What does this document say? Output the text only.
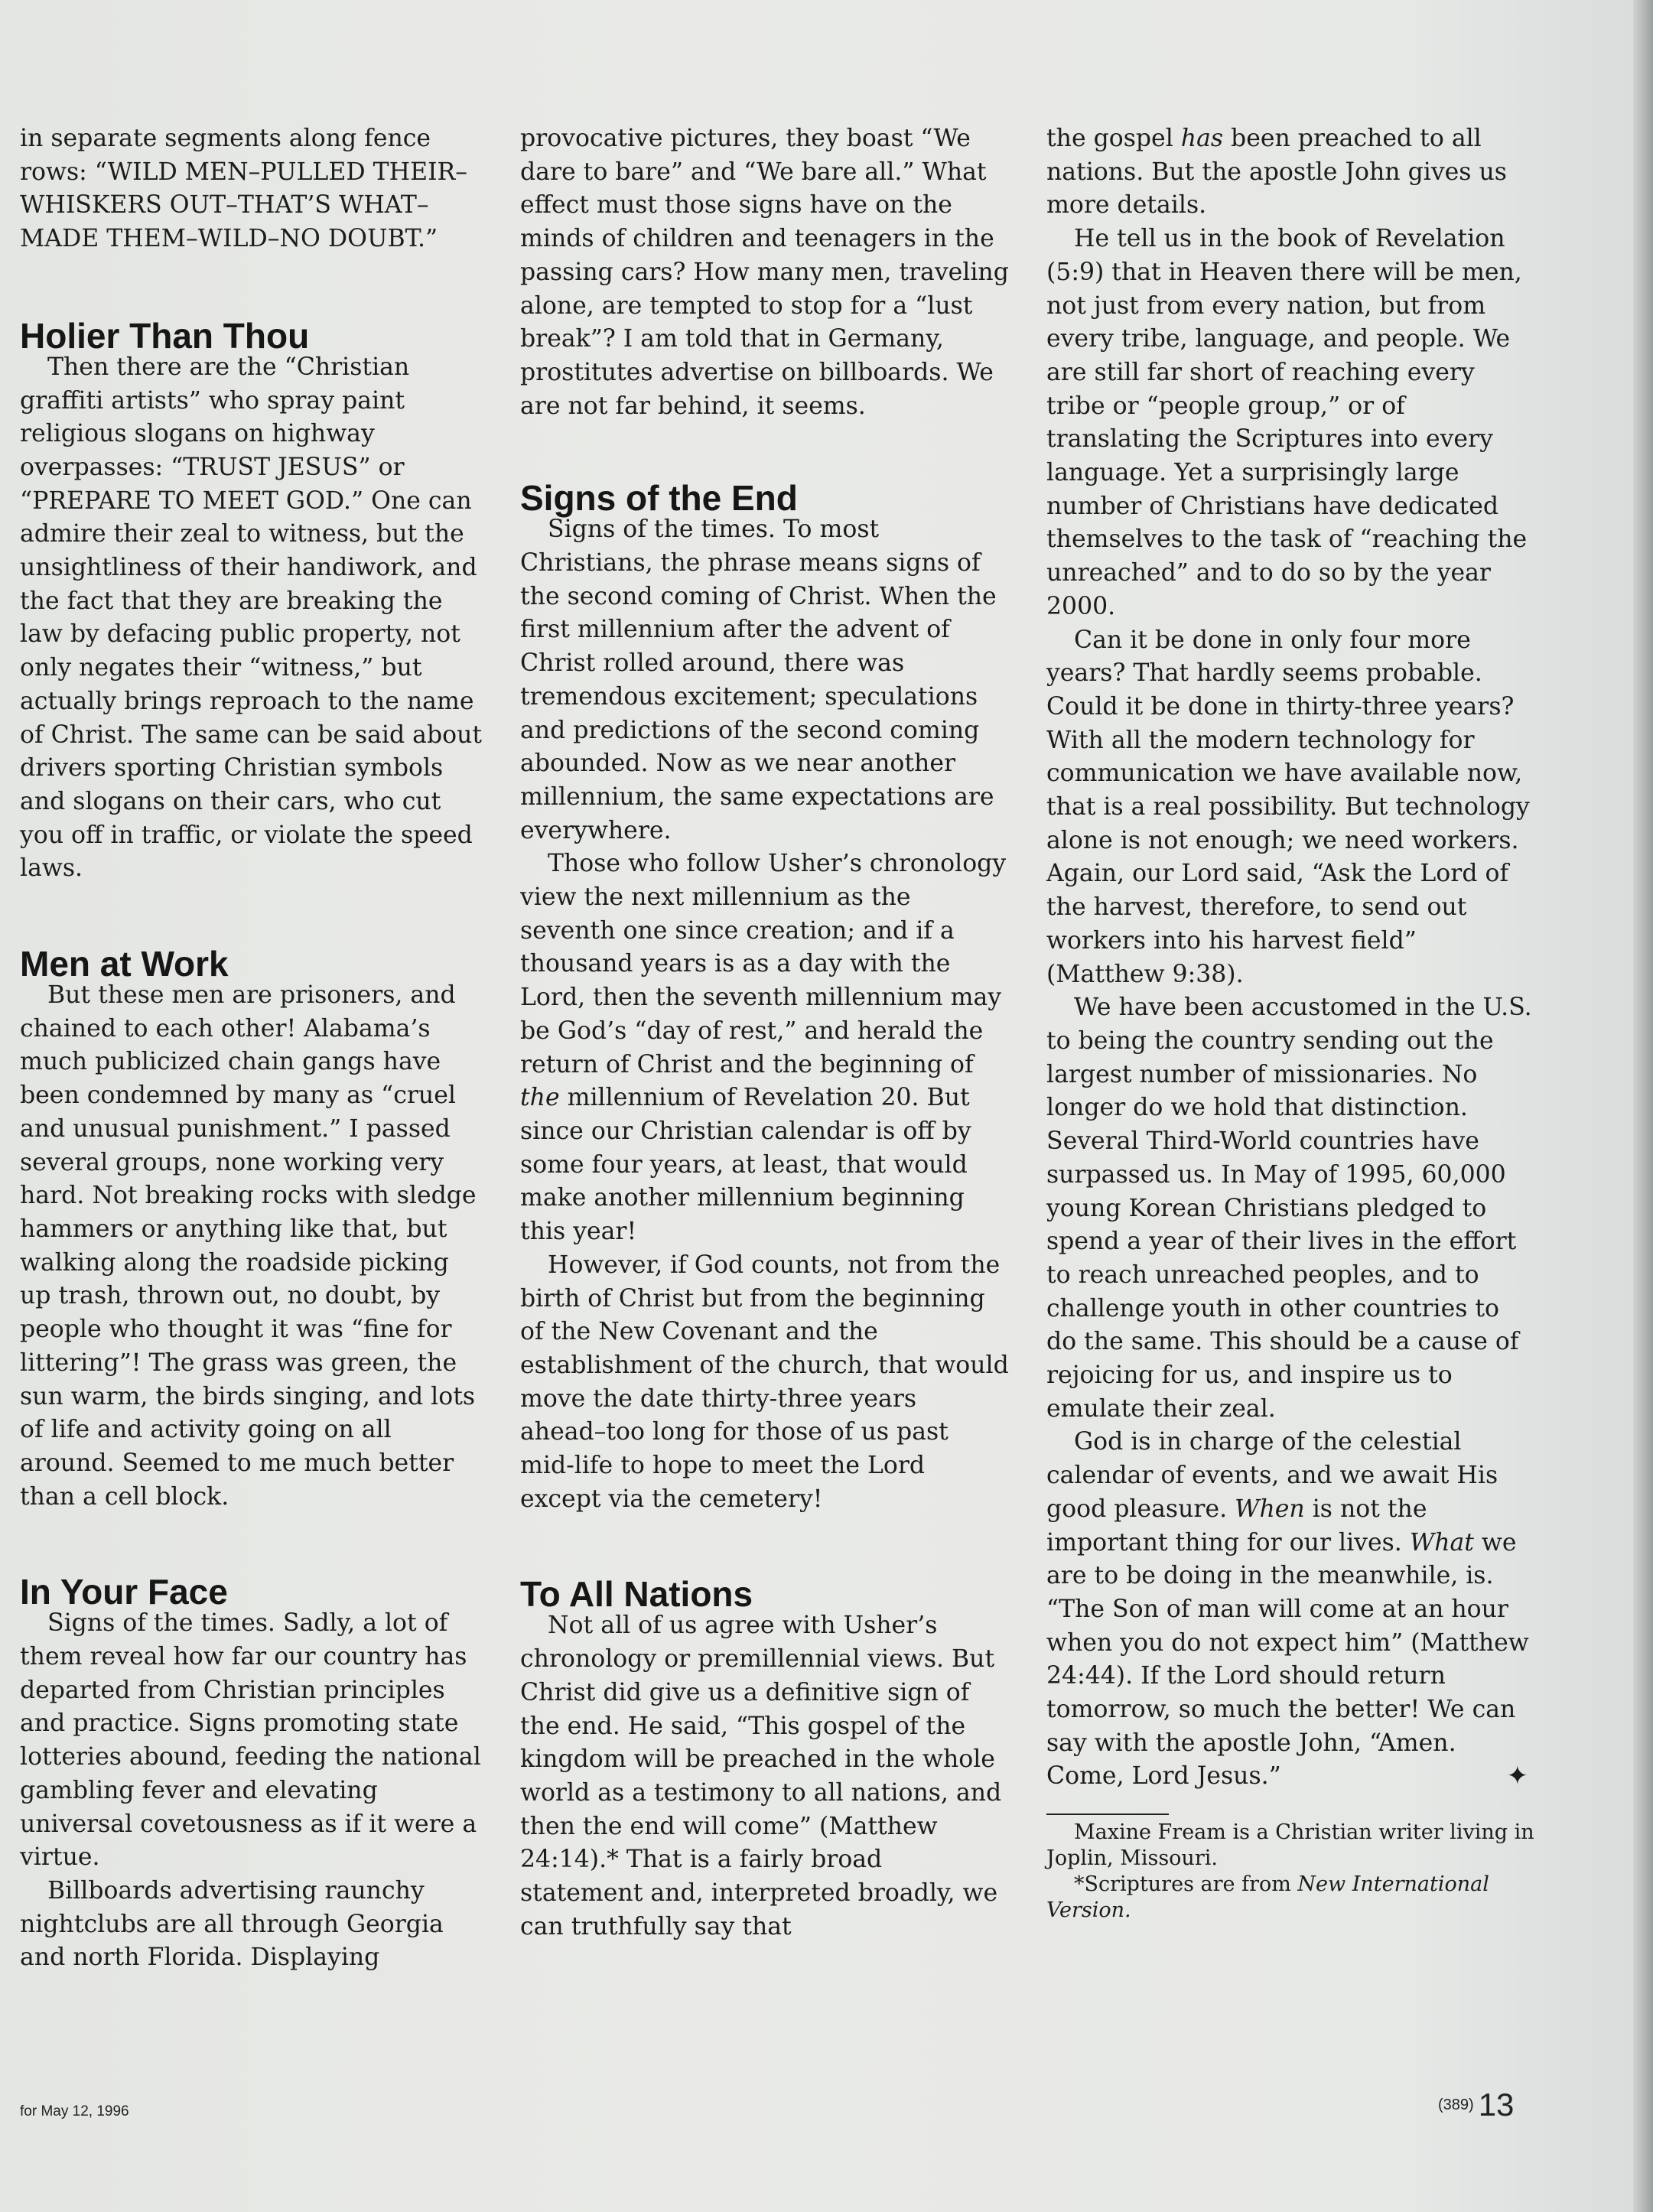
in separate segments along fence rows: “WILD MEN–PULLED THEIR–WHISKERS OUT–THAT’S WHAT–MADE THEM–WILD–NO DOUBT.”

Holier Than Thou

Then there are the “Christian graffiti artists” who spray paint religious slogans on highway overpasses: “TRUST JESUS” or “PREPARE TO MEET GOD.” One can admire their zeal to witness, but the unsightliness of their handiwork, and the fact that they are breaking the law by defacing public property, not only negates their “witness,” but actually brings reproach to the name of Christ. The same can be said about drivers sporting Christian symbols and slogans on their cars, who cut you off in traffic, or violate the speed laws.

Men at Work

But these men are prisoners, and chained to each other! Alabama’s much publicized chain gangs have been condemned by many as “cruel and unusual punishment.” I passed several groups, none working very hard. Not breaking rocks with sledge hammers or anything like that, but walking along the roadside picking up trash, thrown out, no doubt, by people who thought it was “fine for littering”! The grass was green, the sun warm, the birds singing, and lots of life and activity going on all around. Seemed to me much better than a cell block.

In Your Face

Signs of the times. Sadly, a lot of them reveal how far our country has departed from Christian principles and practice. Signs promoting state lotteries abound, feeding the national gambling fever and elevating universal covetousness as if it were a virtue.

Billboards advertising raunchy nightclubs are all through Georgia and north Florida. Displaying

provocative pictures, they boast “We dare to bare” and “We bare all.” What effect must those signs have on the minds of children and teenagers in the passing cars? How many men, traveling alone, are tempted to stop for a “lust break”? I am told that in Germany, prostitutes advertise on billboards. We are not far behind, it seems.

Signs of the End

Signs of the times. To most Christians, the phrase means signs of the second coming of Christ. When the first millennium after the advent of Christ rolled around, there was tremendous excitement; speculations and predictions of the second coming abounded. Now as we near another millennium, the same expectations are everywhere.

Those who follow Usher’s chronology view the next millennium as the seventh one since creation; and if a thousand years is as a day with the Lord, then the seventh millennium may be God’s “day of rest,” and herald the return of Christ and the beginning of the millennium of Revelation 20. But since our Christian calendar is off by some four years, at least, that would make another millennium beginning this year!

However, if God counts, not from the birth of Christ but from the beginning of the New Covenant and the establishment of the church, that would move the date thirty-three years ahead–too long for those of us past mid-life to hope to meet the Lord except via the cemetery!

To All Nations

Not all of us agree with Usher’s chronology or premillennial views. But Christ did give us a definitive sign of the end. He said, “This gospel of the kingdom will be preached in the whole world as a testimony to all nations, and then the end will come” (Matthew 24:14).* That is a fairly broad statement and, interpreted broadly, we can truthfully say that

the gospel has been preached to all nations. But the apostle John gives us more details.

He tell us in the book of Revelation (5:9) that in Heaven there will be men, not just from every nation, but from every tribe, language, and people. We are still far short of reaching every tribe or “people group,” or of translating the Scriptures into every language. Yet a surprisingly large number of Christians have dedicated themselves to the task of “reaching the unreached” and to do so by the year 2000.

Can it be done in only four more years? That hardly seems probable. Could it be done in thirty-three years? With all the modern technology for communication we have available now, that is a real possibility. But technology alone is not enough; we need workers. Again, our Lord said, “Ask the Lord of the harvest, therefore, to send out workers into his harvest field” (Matthew 9:38).

We have been accustomed in the U.S. to being the country sending out the largest number of missionaries. No longer do we hold that distinction. Several Third-World countries have surpassed us. In May of 1995, 60,000 young Korean Christians pledged to spend a year of their lives in the effort to reach unreached peoples, and to challenge youth in other countries to do the same. This should be a cause of rejoicing for us, and inspire us to emulate their zeal.

God is in charge of the celestial calendar of events, and we await His good pleasure. When is not the important thing for our lives. What we are to be doing in the meanwhile, is. “The Son of man will come at an hour when you do not expect him” (Matthew 24:44). If the Lord should return tomorrow, so much the better! We can say with the apostle John, “Amen. Come, Lord Jesus.”	✦

Maxine Fream is a Christian writer living in Joplin, Missouri.

*Scriptures are from New International Version.

for May 12, 1996	(389) 13
